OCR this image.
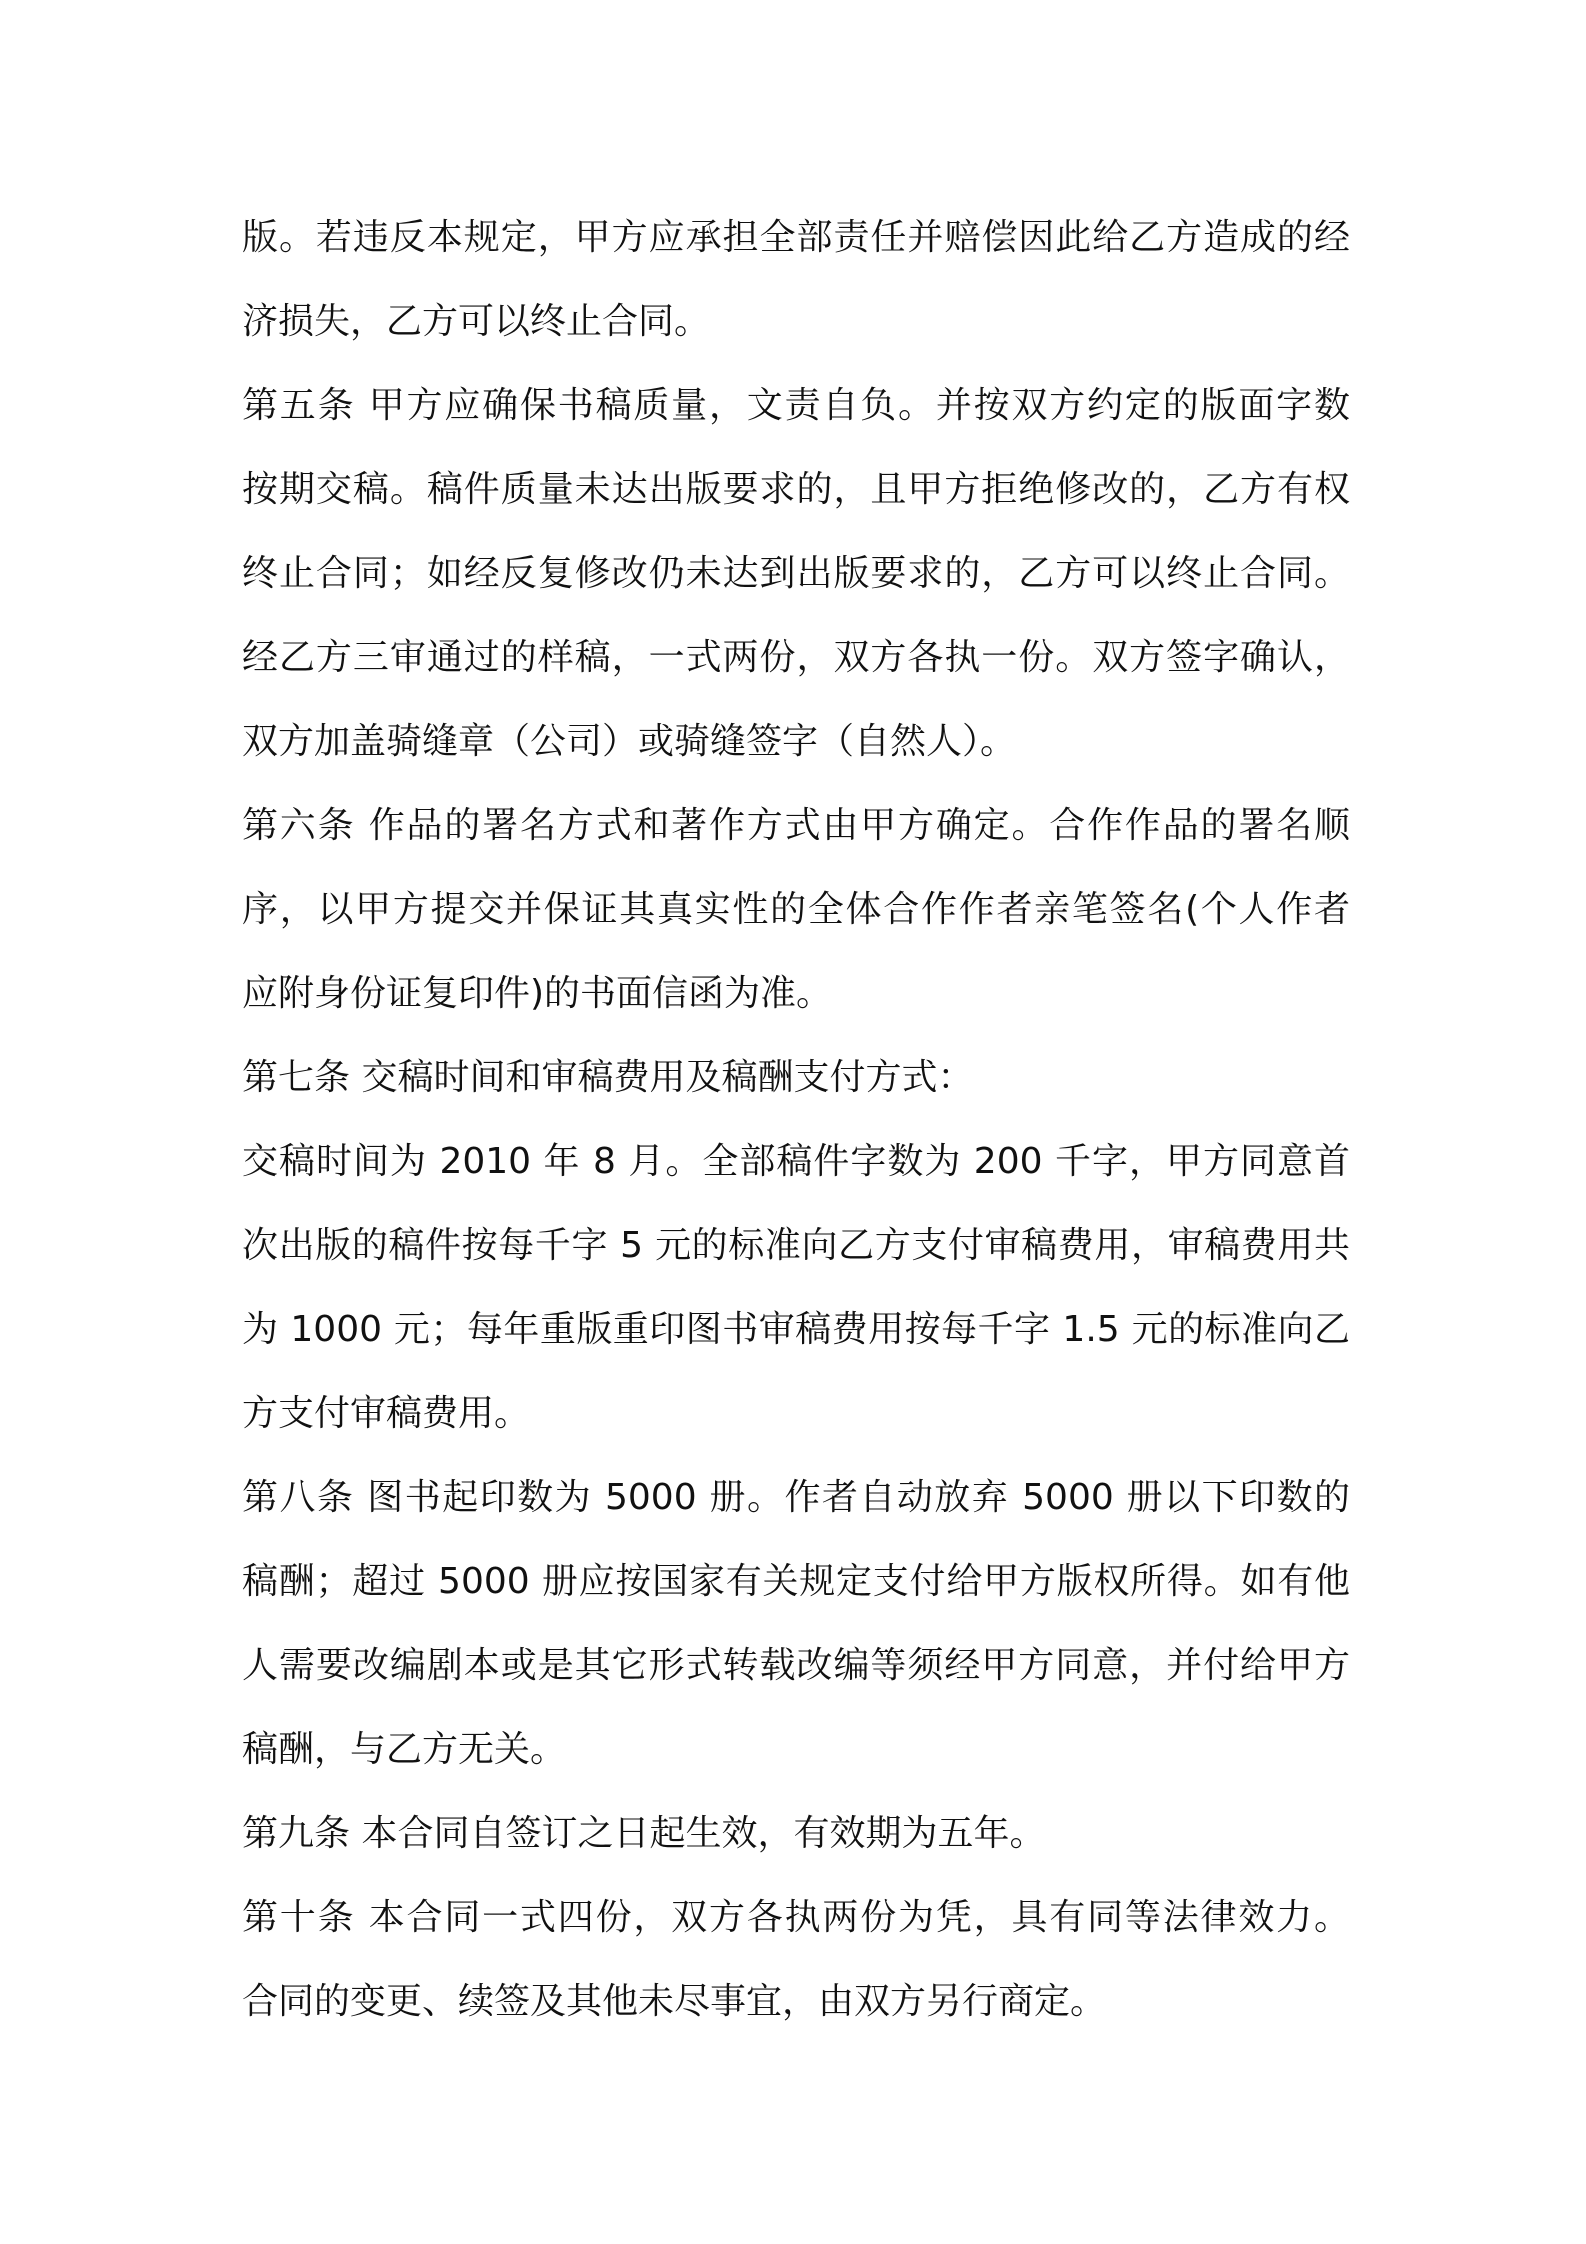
版。若违反本规定，甲方应承担全部责任并赔偿因此给乙方造成的经
济损失，乙方可以终止合同。
第五条 甲方应确保书稿质量，文责自负。并按双方约定的版面字数
按期交稿。稿件质量未达出版要求的，且甲方拒绝修改的，乙方有权
终止合同；如经反复修改仍未达到出版要求的，乙方可以终止合同。
经乙方三审通过的样稿，一式两份，双方各执一份。双方签字确认，
双方加盖骑缝章（公司）或骑缝签字（自然人）。
第六条 作品的署名方式和著作方式由甲方确定。合作作品的署名顺
序，以甲方提交并保证其真实性的全体合作作者亲笔签名(个人作者
应附身份证复印件)的书面信函为准。
第七条 交稿时间和审稿费用及稿酬支付方式：
交稿时间为 2010 年 8 月。全部稿件字数为 200 千字，甲方同意首
次出版的稿件按每千字 5 元的标准向乙方支付审稿费用，审稿费用共
为 1000 元；每年重版重印图书审稿费用按每千字 1.5 元的标准向乙
方支付审稿费用。
第八条 图书起印数为 5000 册。作者自动放弃 5000 册以下印数的
稿酬；超过 5000 册应按国家有关规定支付给甲方版权所得。如有他
人需要改编剧本或是其它形式转载改编等须经甲方同意，并付给甲方
稿酬，与乙方无关。
第九条 本合同自签订之日起生效，有效期为五年。
第十条 本合同一式四份，双方各执两份为凭，具有同等法律效力。
合同的变更、续签及其他未尽事宜，由双方另行商定。
